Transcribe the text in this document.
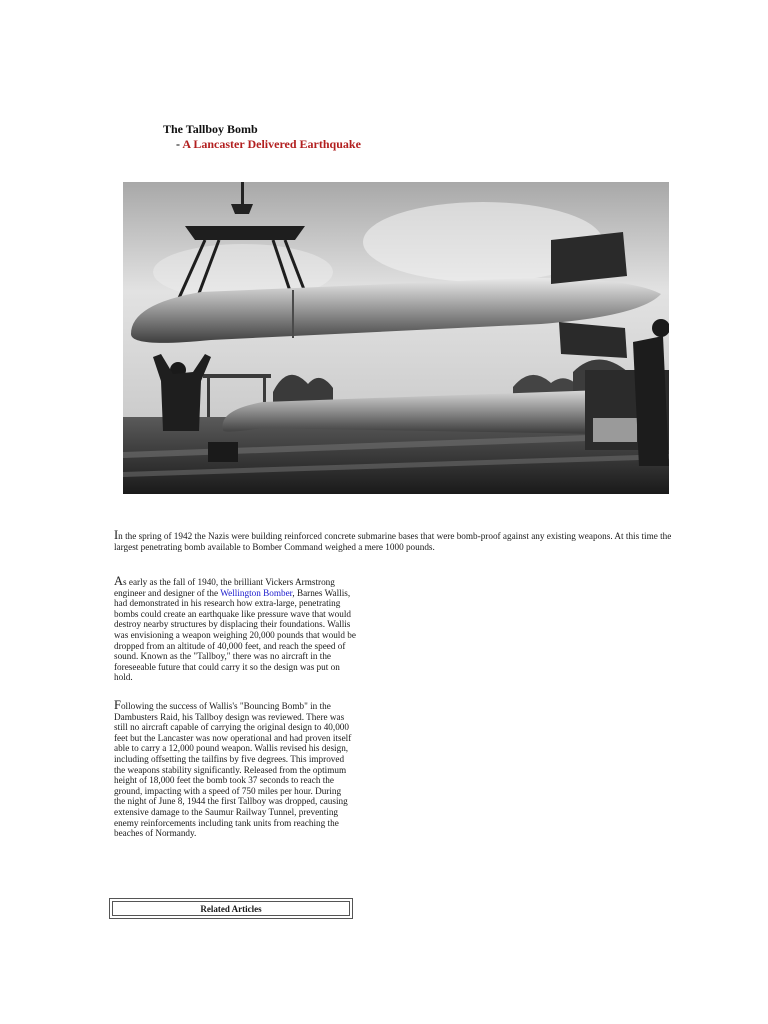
The Tallboy Bomb
- A Lancaster Delivered Earthquake

In the spring of 1942 the Nazis were building reinforced concrete submarine bases that were bomb-proof against any existing weapons. At this time the largest penetrating bomb available to Bomber Command weighed a mere 1000 pounds.

As early as the fall of 1940, the brilliant Vickers Armstrong engineer and designer of the Wellington Bomber, Barnes Wallis, had demonstrated in his research how extra-large, penetrating bombs could create an earthquake like pressure wave that would destroy nearby structures by displacing their foundations. Wallis was envisioning a weapon weighing 20,000 pounds that would be dropped from an altitude of 40,000 feet, and reach the speed of sound. Known as the "Tallboy," there was no aircraft in the foreseeable future that could carry it so the design was put on hold.

Following the success of Wallis's "Bouncing Bomb" in the Dambusters Raid, his Tallboy design was reviewed. There was still no aircraft capable of carrying the original design to 40,000 feet but the Lancaster was now operational and had proven itself able to carry a 12,000 pound weapon. Wallis revised his design, including offsetting the tailfins by five degrees. This improved the weapons stability significantly. Released from the optimum height of 18,000 feet the bomb took 37 seconds to reach the ground, impacting with a speed of 750 miles per hour. During the night of June 8, 1944 the first Tallboy was dropped, causing extensive damage to the Saumur Railway Tunnel, preventing enemy reinforcements including tank units from reaching the beaches of Normandy.

Related Articles
